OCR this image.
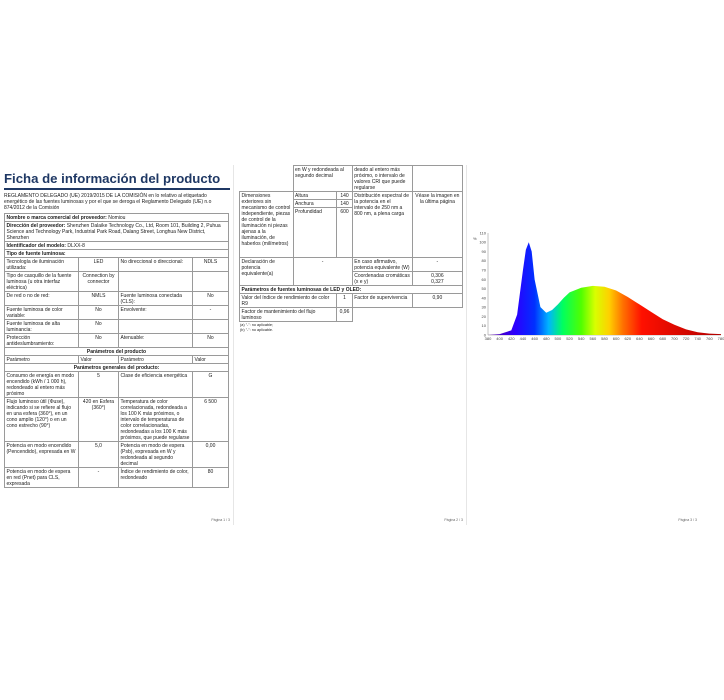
Ficha de información del producto
REGLAMENTO DELEGADO (UE) 2019/2015 DE LA COMISIÓN en lo relativo al etiquetado energético de las fuentes luminosas y por el que se deroga el Reglamento Delegado (UE) n.o 874/2012 de la Comisión
Nombre o marca comercial del proveedor: Nomiou			
Dirección del proveedor: Shenzhen Dalaike Technology Co., Ltd, Room 101, Building 2, Puhua Science and Technology Park, Industrial Park Road, Dalang Street, Longhua New District, Shenzhen			
Identificador del modelo: DLXX-8			
Tipo de fuente luminosa:			
Tecnología de iluminación utilizada:	LED	No direccional o direccional:	NDLS
Tipo de casquillo de la fuente luminosa (u otra interfaz eléctrica)	Connection by connector		
De red o no de red:	NMLS	Fuente luminosa conectada (CLS):	No
Fuente luminosa de color variable:	No	Envolvente:	-
Fuente luminosa de alta luminancia:	No		
Protección antideslumbramiento:	No	Atenuable:	No
Parámetros del producto			
Parámetro	Valor	Parámetro	Valor
Parámetros generales del producto:			
Consumo de energía en modo encendido (kWh / 1 000 h), redondeado al entero más próximo	5	Clase de eficiencia energética	G
Flujo luminoso útil (Φuse), indicando si se refiere al flujo en una esfera (360°), en un cono amplio (120°) o en un cono estrecho (90°)	420 en Esfera (360°)	Temperatura de color correlacionada, redondeada a los 100 K más próximos, o intervalo de temperaturas de color correlacionadas, redondeadas a los 100 K más próximos, que puede regularse	6 500
Potencia en modo encendido (Pencendido), expresada en W	5,0	Potencia en modo de espera (Psb), expresada en W y redondeada al segundo decimal	0,00
Potencia en modo de espera en red (Pnet) para CLS, expresada	-	Índice de rendimiento de color, redondeado	80
Página 1 / 3
	en W y redondeada al segundo decimal		deado al entero más próximo, o intervalo de valores CRI que puede regularse	
Dimensiones exteriores sin mecanismo de control independiente, piezas de control de la iluminación ni piezas ajenas a la iluminación, de haberlos (milímetros)	Altura	140	Distribución espectral de la potencia en el intervalo de 250 nm a 800 nm, a plena carga	Véase la imagen en la última página
	Anchura	140		
	Profundidad	600		
Declaración de potencia equivalente(a)	-		En caso afirmativo, potencia equivalente (W)	-
			Coordenadas cromáticas (x e y)	0,306
0,327

Parámetros de fuentes luminosas de LED y OLED:				
Valor del índice de rendimiento de color R9		1	Factor de supervivencia	0,90
Factor de mantenimiento del flujo luminoso		0,96		
(a) "-": no aplicable;
(b) "-": no aplicable.
Página 2 / 3
%
0
10
20
30
40
50
60
70
80
90
100
110
380 400 420 440 460 480 500 520 540 560 580 600 620 640 660 680 700 720 740 760 780
Página 3 / 3
